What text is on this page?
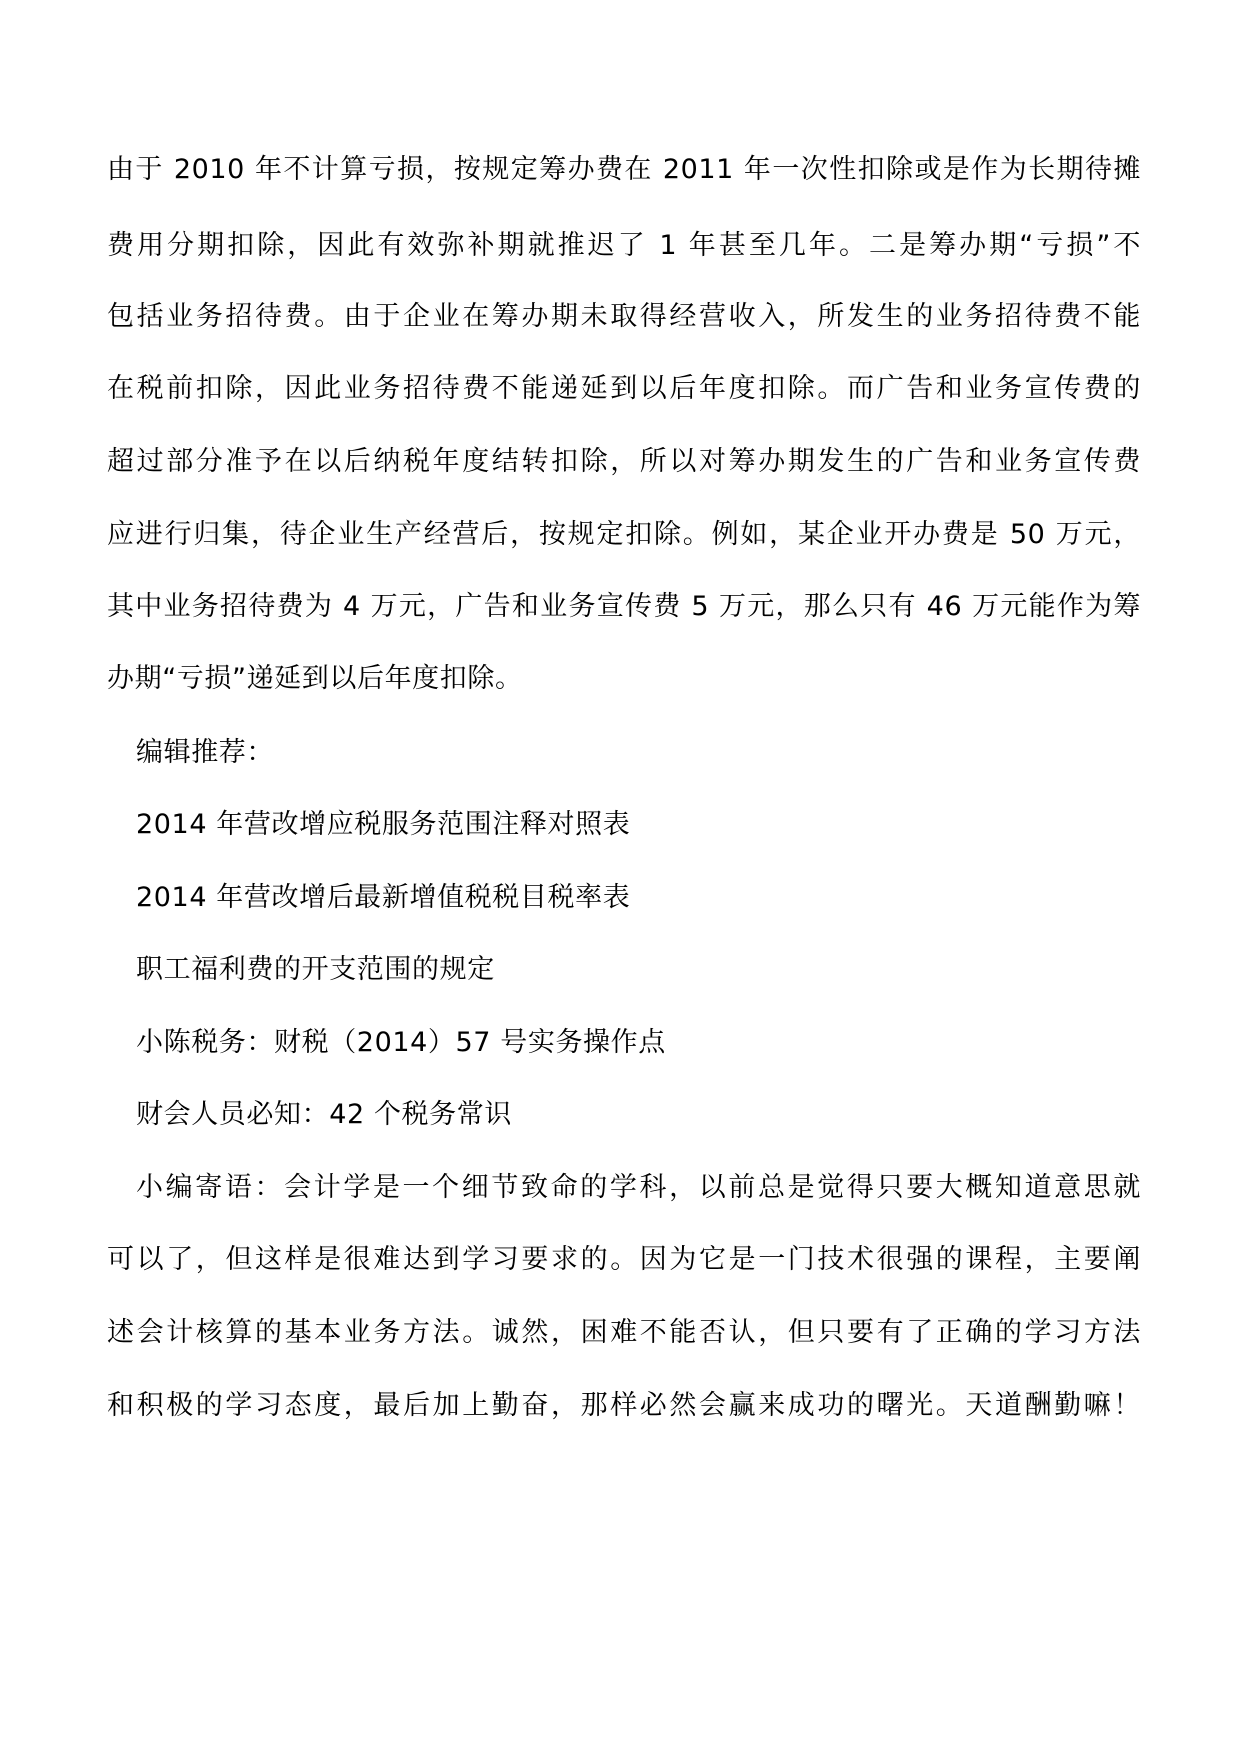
由于 2010 年不计算亏损，按规定筹办费在 2011 年一次性扣除或是作为长期待摊
费用分期扣除，因此有效弥补期就推迟了 1 年甚至几年。二是筹办期“亏损”不
包括业务招待费。由于企业在筹办期未取得经营收入，所发生的业务招待费不能
在税前扣除，因此业务招待费不能递延到以后年度扣除。而广告和业务宣传费的
超过部分准予在以后纳税年度结转扣除，所以对筹办期发生的广告和业务宣传费
应进行归集，待企业生产经营后，按规定扣除。例如，某企业开办费是 50 万元，
其中业务招待费为 4 万元，广告和业务宣传费 5 万元，那么只有 46 万元能作为筹
办期“亏损”递延到以后年度扣除。
编辑推荐：
2014 年营改增应税服务范围注释对照表
2014 年营改增后最新增值税税目税率表
职工福利费的开支范围的规定
小陈税务：财税（2014）57 号实务操作点
财会人员必知：42 个税务常识
小编寄语：会计学是一个细节致命的学科，以前总是觉得只要大概知道意思就
可以了，但这样是很难达到学习要求的。因为它是一门技术很强的课程，主要阐
述会计核算的基本业务方法。诚然，困难不能否认，但只要有了正确的学习方法
和积极的学习态度，最后加上勤奋，那样必然会赢来成功的曙光。天道酬勤嘛！
